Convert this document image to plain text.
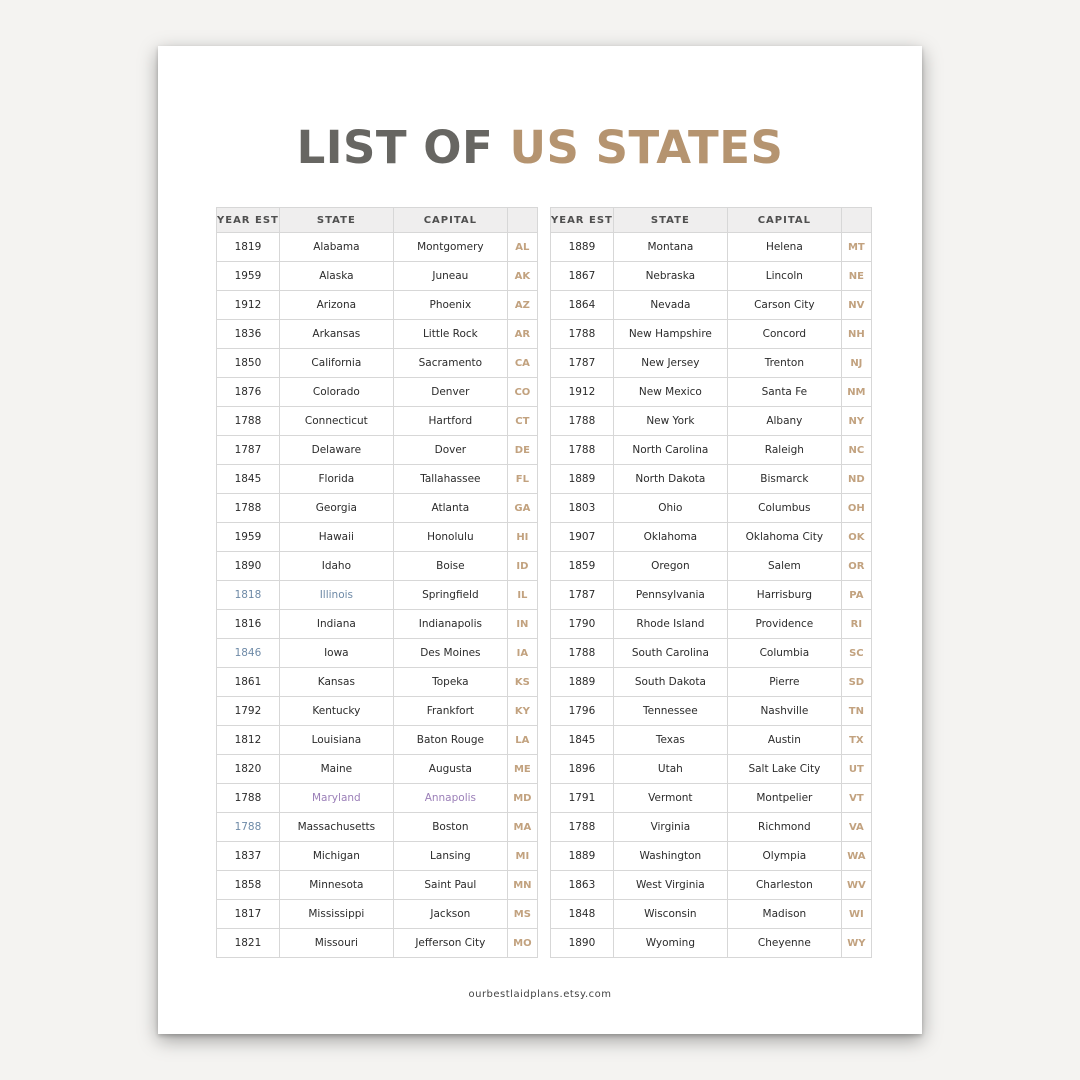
LIST OF US STATES
YEAR EST	STATE	CAPITAL	
1819	Alabama	Montgomery	AL
1959	Alaska	Juneau	AK
1912	Arizona	Phoenix	AZ
1836	Arkansas	Little Rock	AR
1850	California	Sacramento	CA
1876	Colorado	Denver	CO
1788	Connecticut	Hartford	CT
1787	Delaware	Dover	DE
1845	Florida	Tallahassee	FL
1788	Georgia	Atlanta	GA
1959	Hawaii	Honolulu	HI
1890	Idaho	Boise	ID
1818	Illinois	Springfield	IL
1816	Indiana	Indianapolis	IN
1846	Iowa	Des Moines	IA
1861	Kansas	Topeka	KS
1792	Kentucky	Frankfort	KY
1812	Louisiana	Baton Rouge	LA
1820	Maine	Augusta	ME
1788	Maryland	Annapolis	MD
1788	Massachusetts	Boston	MA
1837	Michigan	Lansing	MI
1858	Minnesota	Saint Paul	MN
1817	Mississippi	Jackson	MS
1821	Missouri	Jefferson City	MO
YEAR EST	STATE	CAPITAL	
1889	Montana	Helena	MT
1867	Nebraska	Lincoln	NE
1864	Nevada	Carson City	NV
1788	New Hampshire	Concord	NH
1787	New Jersey	Trenton	NJ
1912	New Mexico	Santa Fe	NM
1788	New York	Albany	NY
1788	North Carolina	Raleigh	NC
1889	North Dakota	Bismarck	ND
1803	Ohio	Columbus	OH
1907	Oklahoma	Oklahoma City	OK
1859	Oregon	Salem	OR
1787	Pennsylvania	Harrisburg	PA
1790	Rhode Island	Providence	RI
1788	South Carolina	Columbia	SC
1889	South Dakota	Pierre	SD
1796	Tennessee	Nashville	TN
1845	Texas	Austin	TX
1896	Utah	Salt Lake City	UT
1791	Vermont	Montpelier	VT
1788	Virginia	Richmond	VA
1889	Washington	Olympia	WA
1863	West Virginia	Charleston	WV
1848	Wisconsin	Madison	WI
1890	Wyoming	Cheyenne	WY
ourbestlaidplans.etsy.com
